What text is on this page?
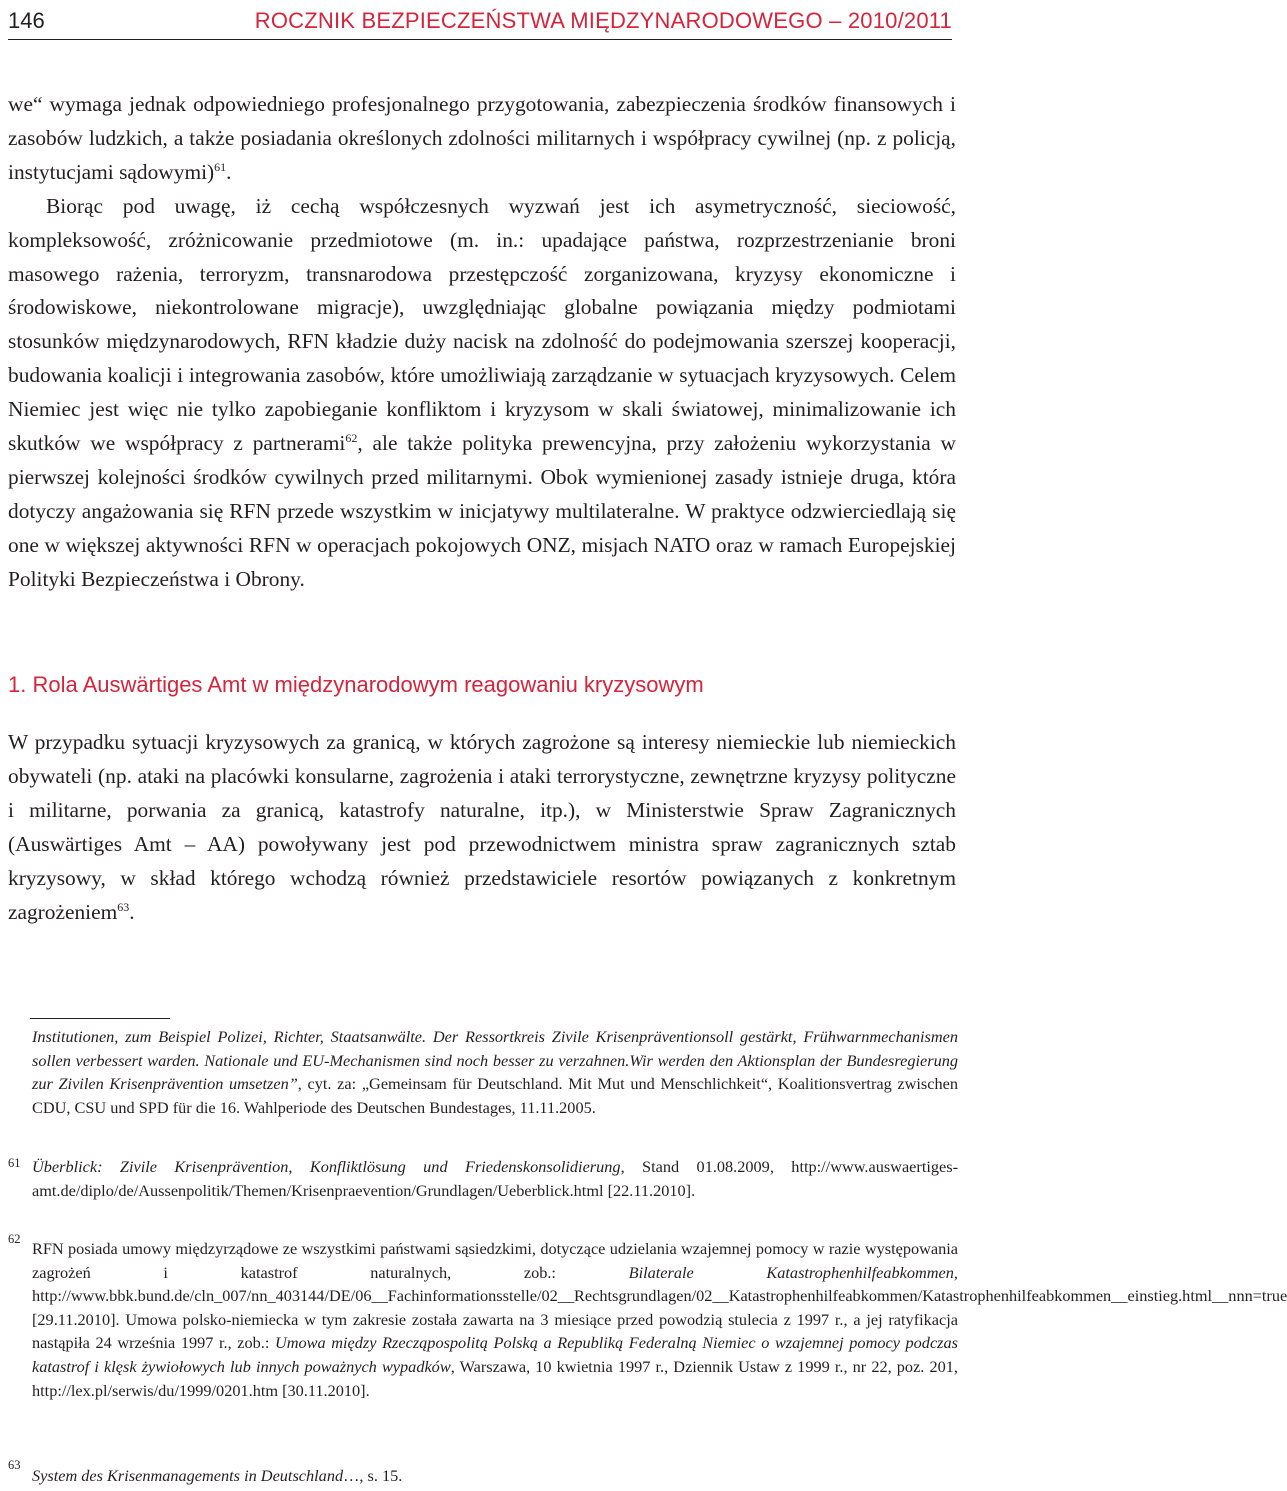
146	ROCZNIK BEZPIECZEŃSTWA MIĘDZYNARODOWEGO – 2010/2011

we“ wymaga jednak odpowiedniego profesjonalnego przygotowania, zabezpieczenia środków finansowych i zasobów ludzkich, a także posiadania określonych zdolności militarnych i współpracy cywilnej (np. z policją, instytucjami sądowymi)$^{61}$.

Biorąc pod uwagę, iż cechą współczesnych wyzwań jest ich asymetryczność, sieciowość, kompleksowość, zróżnicowanie przedmiotowe (m. in.: upadające państwa, rozprzestrzenianie broni masowego rażenia, terroryzm, transnarodowa przestępczość zorganizowana, kryzysy ekonomiczne i środowiskowe, niekontrolowane migracje), uwzględniając globalne powiązania między podmiotami stosunków międzynarodowych, RFN kładzie duży nacisk na zdolność do podejmowania szerszej kooperacji, budowania koalicji i integrowania zasobów, które umożliwiają zarządzanie w sytuacjach kryzysowych. Celem Niemiec jest więc nie tylko zapobieganie konfliktom i kryzysom w skali światowej, minimalizowanie ich skutków we współpracy z partnerami$^{62}$, ale także polityka prewencyjna, przy założeniu wykorzystania w pierwszej kolejności środków cywilnych przed militarnymi. Obok wymienionej zasady istnieje druga, która dotyczy angażowania się RFN przede wszystkim w inicjatywy multilateralne. W praktyce odzwierciedlają się one w większej aktywności RFN w operacjach pokojowych ONZ, misjach NATO oraz w ramach Europejskiej Polityki Bezpieczeństwa i Obrony.

1. Rola Auswärtiges Amt w międzynarodowym reagowaniu kryzysowym

W przypadku sytuacji kryzysowych za granicą, w których zagrożone są interesy niemieckie lub niemieckich obywateli (np. ataki na placówki konsularne, zagrożenia i ataki terrorystyczne, zewnętrzne kryzysy polityczne i militarne, porwania za granicą, katastrofy naturalne, itp.), w Ministerstwie Spraw Zagranicznych (Auswärtiges Amt – AA) powoływany jest pod przewodnictwem ministra spraw zagranicznych sztab kryzysowy, w skład którego wchodzą również przedstawiciele resortów powiązanych z konkretnym zagrożeniem$^{63}$.

Institutionen, zum Beispiel Polizei, Richter, Staatsanwälte. Der Ressortkreis Zivile Krisenpräventionsoll gestärkt, Frühwarnmechanismen sollen verbessert warden. Nationale und EU-Mechanismen sind noch besser zu verzahnen.Wir werden den Aktionsplan der Bundesregierung zur Zivilen Krisenprävention umsetzen”, cyt. za: „Gemeinsam für Deutschland. Mit Mut und Menschlichkeit“, Koalitionsvertrag zwischen CDU, CSU und SPD für die 16. Wahlperiode des Deutschen Bundestages, 11.11.2005.

61 Überblick: Zivile Krisenprävention, Konfliktlösung und Friedenskonsolidierung, Stand 01.08.2009, http://www.auswaertiges-amt.de/diplo/de/Aussenpolitik/Themen/Krisenpraevention/Grundlagen/Ueberblick.html [22.11.2010].

62 RFN posiada umowy międzyrządowe ze wszystkimi państwami sąsiedzkimi, dotyczące udzielania wzajemnej pomocy w razie występowania zagrożeń i katastrof naturalnych, zob.: Bilaterale Katastrophenhilfeabkommen, http://www.bbk.bund.de/cln_007/nn_403144/DE/06__Fachinformationsstelle/02__Rechtsgrundlagen/02__Katastrophenhilfeabkommen/Katastrophenhilfeabkommen__einstieg.html__nnn=true [29.11.2010]. Umowa polsko-niemiecka w tym zakresie została zawarta na 3 miesiące przed powodzią stulecia z 1997 r., a jej ratyfikacja nastąpiła 24 września 1997 r., zob.: Umowa między Rzecząpospolitą Polską a Republiką Federalną Niemiec o wzajemnej pomocy podczas katastrof i klęsk żywiołowych lub innych poważnych wypadków, Warszawa, 10 kwietnia 1997 r., Dziennik Ustaw z 1999 r., nr 22, poz. 201, http://lex.pl/serwis/du/1999/0201.htm [30.11.2010].

63

System des Krisenmanagements in Deutschland…, s. 15.
